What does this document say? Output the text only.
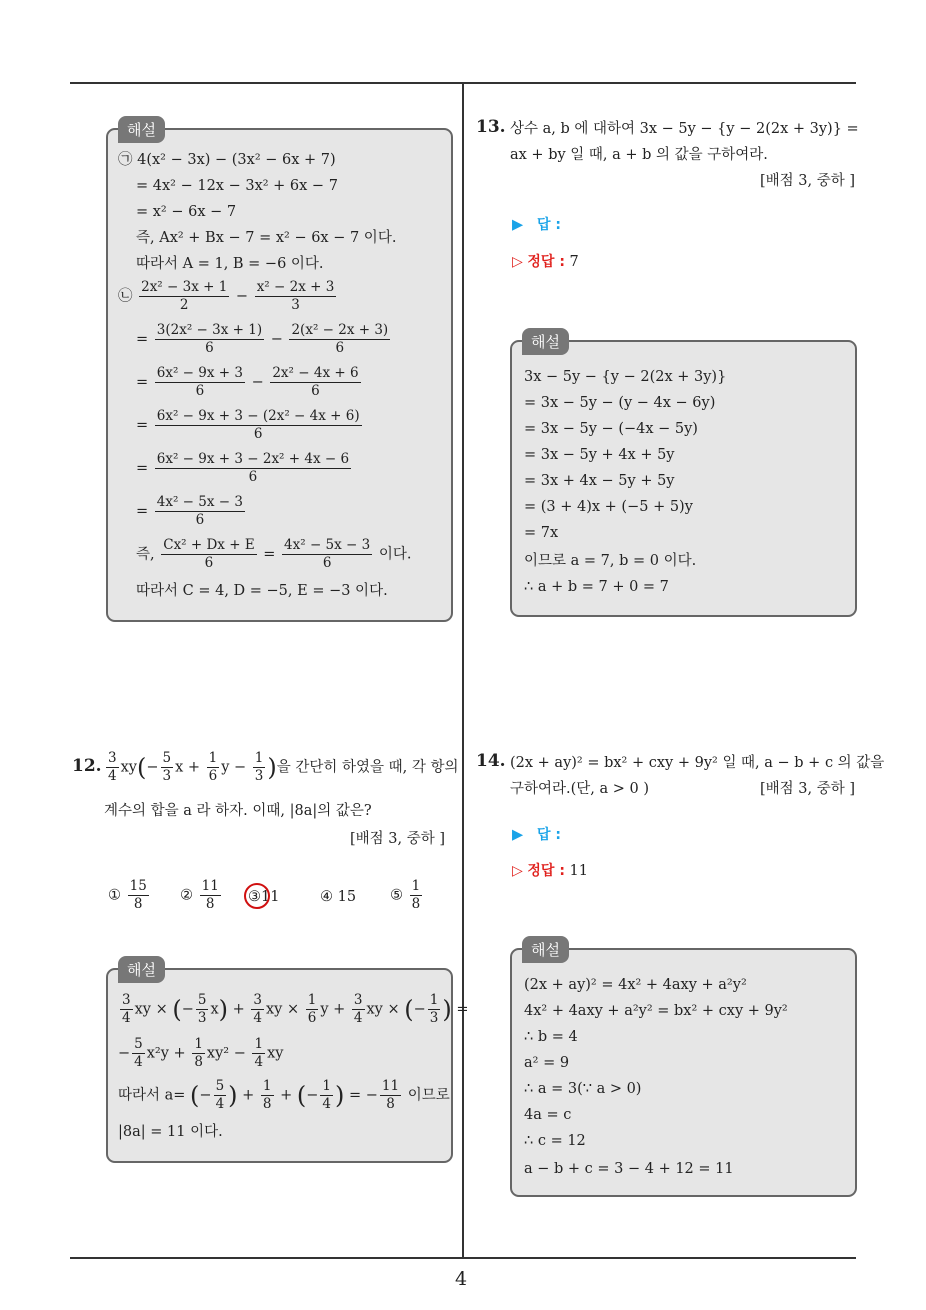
4
해설
㉠ 4(x² − 3x) − (3x² − 6x + 7)
= 4x² − 12x − 3x² + 6x − 7
= x² − 6x − 7
즉, Ax² + Bx − 7 = x² − 6x − 7 이다.
따라서 A = 1, B = −6 이다.
㉡ $\frac{\text{2x² − 3x + 1}}{2} - \frac{\text{x² − 2x + 3}}{3}$
= $\frac{\text{3(2x² − 3x + 1)}}{6} - \frac{\text{2(x² − 2x + 3)}}{6}$
= $\frac{\text{6x² − 9x + 3}}{6} - \frac{\text{2x² − 4x + 6}}{6}$
= $\frac{\text{6x² − 9x + 3 − (2x² − 4x + 6)}}{6}$
= $\frac{\text{6x² − 9x + 3 − 2x² + 4x − 6}}{6}$
= $\frac{\text{4x² − 5x − 3}}{6}$
즉, $\frac{\text{Cx² + Dx + E}}{6} = \frac{\text{4x² − 5x − 3}}{6}$ 이다.
따라서 C = 4, D = −5, E = −3 이다.
12. $\frac{3}{4} xy(- \frac{5}{3}$ $x + \frac{1}{6}$ $y - \frac{1}{3}$ )을 간단히 하였을 때, 각 항의
계수의 합을 a 라 하자. 이때, |8a|의 값은?
[배점 3, 중하 ]
① $\frac{15}{8}$ ② $\frac{11}{8}$ ③11	④ 15 ⑤ $\frac{1}{8}$
해설
$\frac{3}{4}$ xy × (− $\frac{5}{3} x) + \frac{3}{4}$ xy × $\frac{1}{6}$ $y + \frac{3}{4}$ xy × (− $\frac{1}{3}$ ) =
− $\frac{5}{4} x^2y + \frac{1}{8} xy^2 - \frac{1}{4}$ xy
따라서 a= (− $\frac{5}{4}$ ) + $\frac{1}{8}$ + (− $\frac{1}{4}$ ) = − $\frac{11}{8}$ 이므로
|8a| = 11 이다.
13. 상수 a, b 에 대하여 3x − 5y − {y − 2(2x + 3y)} =
ax + by 일 때, a + b 의 값을 구하여라.
[배점 3, 중하 ]
▶ 답 :
▷ 정답 : 7
해설
3x − 5y − {y − 2(2x + 3y)}
= 3x − 5y − (y − 4x − 6y)
= 3x − 5y − (−4x − 5y)
= 3x − 5y + 4x + 5y
= 3x + 4x − 5y + 5y
= (3 + 4)x + (−5 + 5)y
= 7x
이므로 a = 7, b = 0 이다.
∴ a + b = 7 + 0 = 7
14. (2x + ay)² = bx² + cxy + 9y² 일 때, a − b + c 의 값을
구하여라.(단, a > 0 )	[배점 3, 중하 ]
▶ 답 :
▷ 정답 : 11
해설
(2x + ay)² = 4x² + 4axy + a²y²
4x² + 4axy + a²y² = bx² + cxy + 9y²
∴ b = 4
a² = 9
∴ a = 3(∵ a > 0)
4a = c
∴ c = 12
a − b + c = 3 − 4 + 12 = 11
